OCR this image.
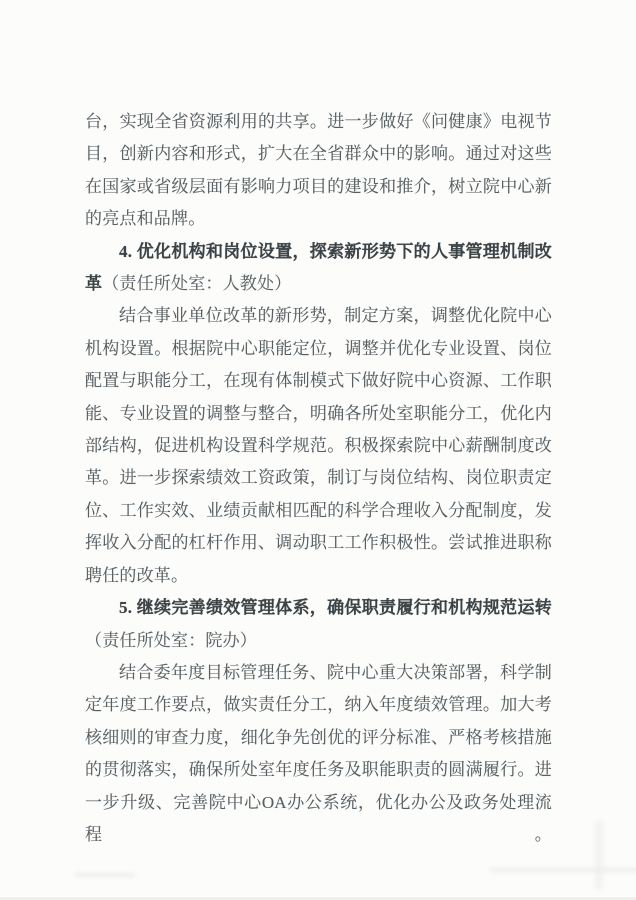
台，实现全省资源利用的共享。进一步做好《问健康》电视节
目，创新内容和形式，扩大在全省群众中的影响。通过对这些
在国家或省级层面有影响力项目的建设和推介，树立院中心新
的亮点和品牌。
4. 优化机构和岗位设置，探索新形势下的人事管理机制改
革（责任所处室：人教处）
结合事业单位改革的新形势，制定方案，调整优化院中心
机构设置。根据院中心职能定位，调整并优化专业设置、岗位
配置与职能分工，在现有体制模式下做好院中心资源、工作职
能、专业设置的调整与整合，明确各所处室职能分工，优化内
部结构，促进机构设置科学规范。积极探索院中心薪酬制度改
革。进一步探索绩效工资政策，制订与岗位结构、岗位职责定
位、工作实效、业绩贡献相匹配的科学合理收入分配制度，发
挥收入分配的杠杆作用、调动职工工作积极性。尝试推进职称
聘任的改革。
5. 继续完善绩效管理体系，确保职责履行和机构规范运转
（责任所处室：院办）
结合委年度目标管理任务、院中心重大决策部署，科学制
定年度工作要点，做实责任分工，纳入年度绩效管理。加大考
核细则的审查力度，细化争先创优的评分标准、严格考核措施
的贯彻落实，确保所处室年度任务及职能职责的圆满履行。进
一步升级、完善院中心OA办公系统，优化办公及政务处理流程。
